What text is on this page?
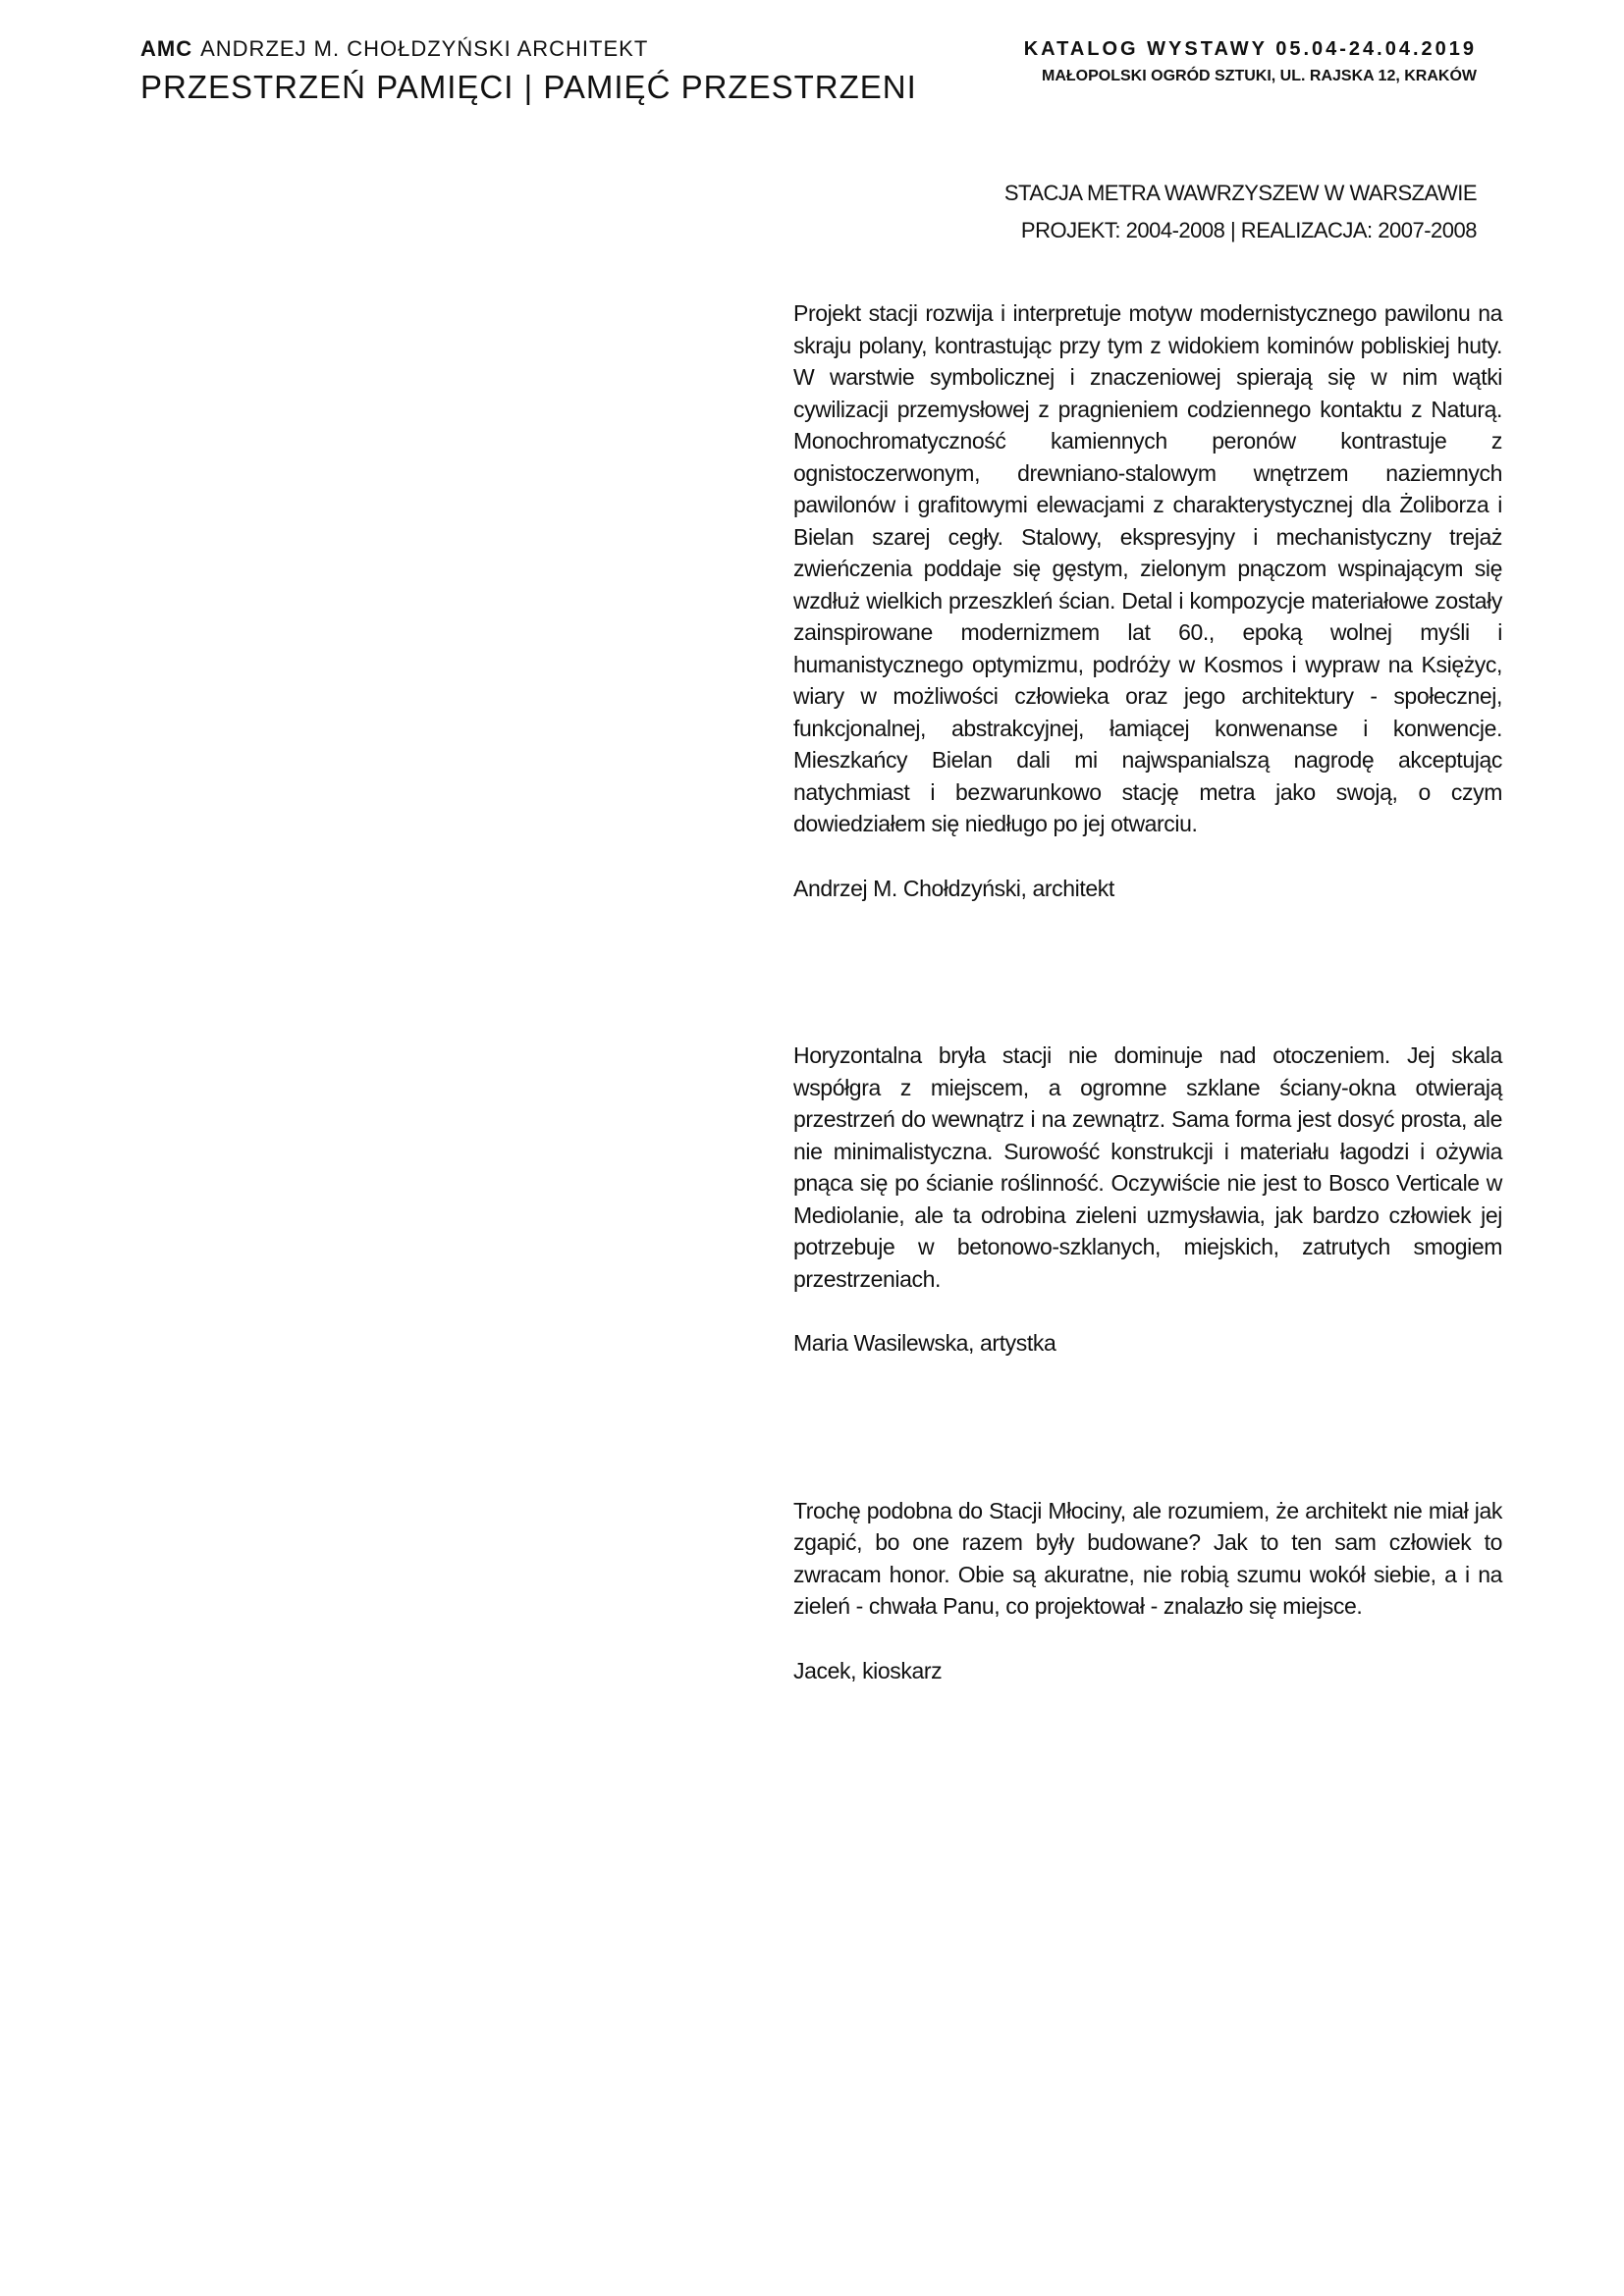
AMC ANDRZEJ M. CHOŁDZYŃSKI ARCHITEKT
PRZESTRZEŃ PAMIĘCI | PAMIĘĆ PRZESTRZENI
KATALOG WYSTAWY 05.04-24.04.2019
MAŁOPOLSKI OGRÓD SZTUKI, UL. RAJSKA 12, KRAKÓW
STACJA METRA WAWRZYSZEW W WARSZAWIE
PROJEKT: 2004-2008 | REALIZACJA: 2007-2008

Projekt stacji rozwija i interpretuje motyw modernistycznego pawilonu na skraju polany, kontrastując przy tym z widokiem kominów pobliskiej huty. W warstwie symbolicznej i znaczeniowej spierają się w nim wątki cywilizacji przemysłowej z pragnieniem codziennego kontaktu z Naturą. Monochromatyczność kamiennych peronów kontrastuje z ognistoczerwonym, drewniano-stalowym wnętrzem naziemnych pawilonów i grafitowymi elewacjami z charakterystycznej dla Żoliborza i Bielan szarej cegły. Stalowy, ekspresyjny i mechanistyczny trejaż zwieńczenia poddaje się gęstym, zielonym pnączom wspinającym się wzdłuż wielkich przeszkleń ścian. Detal i kompozycje materiałowe zostały zainspirowane modernizmem lat 60., epoką wolnej myśli i humanistycznego optymizmu, podróży w Kosmos i wypraw na Księżyc, wiary w możliwości człowieka oraz jego architektury - społecznej, funkcjonalnej, abstrakcyjnej, łamiącej konwenanse i konwencje. Mieszkańcy Bielan dali mi najwspanialszą nagrodę akceptując natychmiast i bezwarunkowo stację metra jako swoją, o czym dowiedziałem się niedługo po jej otwarciu.

Andrzej M. Chołdzyński, architekt

Horyzontalna bryła stacji nie dominuje nad otoczeniem. Jej skala współgra z miejscem, a ogromne szklane ściany-okna otwierają przestrzeń do wewnątrz i na zewnątrz. Sama forma jest dosyć prosta, ale nie minimalistyczna. Surowość konstrukcji i materiału łagodzi i ożywia pnąca się po ścianie roślinność. Oczywiście nie jest to Bosco Verticale w Mediolanie, ale ta odrobina zieleni uzmysławia, jak bardzo człowiek jej potrzebuje w betonowo-szklanych, miejskich, zatrutych smogiem przestrzeniach.

Maria Wasilewska, artystka

Trochę podobna do Stacji Młociny, ale rozumiem, że architekt nie miał jak zgapić, bo one razem były budowane? Jak to ten sam człowiek to zwracam honor. Obie są akuratne, nie robią szumu wokół siebie, a i na zieleń - chwała Panu, co projektował - znalazło się miejsce.

Jacek, kioskarz
